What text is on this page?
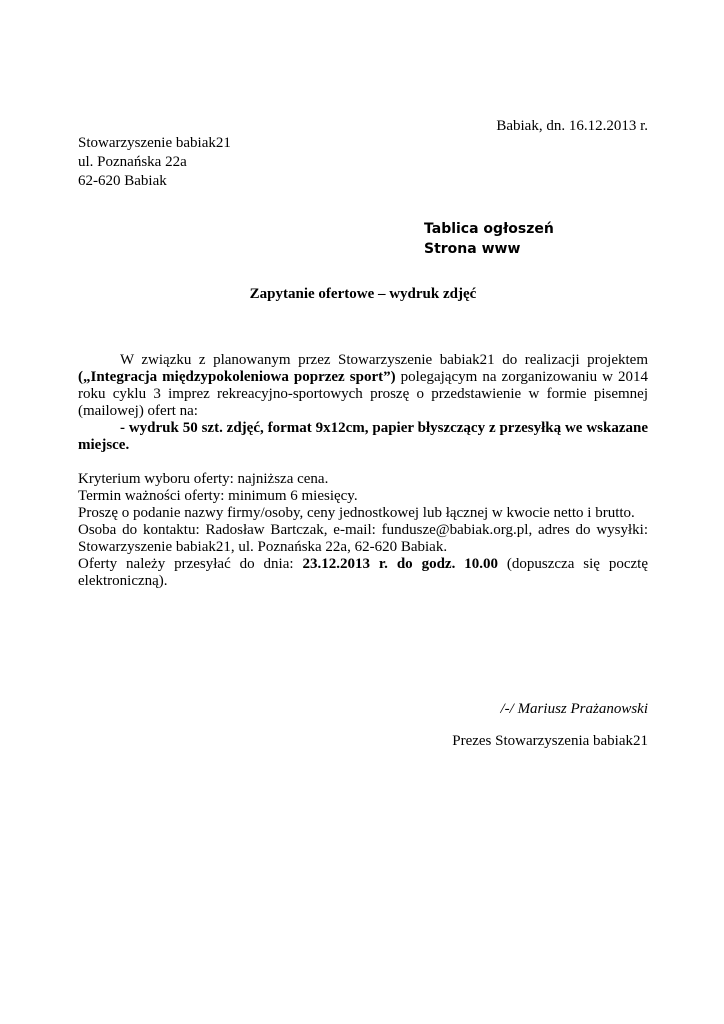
Babiak, dn. 16.12.2013 r.
Stowarzyszenie babiak21
ul. Poznańska 22a
62-620 Babiak
Tablica ogłoszeń
Strona www
Zapytanie ofertowe – wydruk zdjęć

W związku z planowanym przez Stowarzyszenie babiak21 do realizacji projektem („Integracja międzypokoleniowa poprzez sport”) polegającym na zorganizowaniu w 2014 roku cyklu 3 imprez rekreacyjno-sportowych proszę o przedstawienie w formie pisemnej (mailowej) ofert na:

- wydruk 50 szt. zdjęć, format 9x12cm, papier błyszczący z przesyłką we wskazane miejsce.

Kryterium wyboru oferty: najniższa cena.
Termin ważności oferty: minimum 6 miesięcy.
Proszę o podanie nazwy firmy/osoby, ceny jednostkowej lub łącznej w kwocie netto i brutto.
Osoba do kontaktu: Radosław Bartczak, e-mail: fundusze@babiak.org.pl, adres do wysyłki: Stowarzyszenie babiak21, ul. Poznańska 22a, 62-620 Babiak.
Oferty należy przesyłać do dnia: 23.12.2013 r. do godz. 10.00 (dopuszcza się pocztę elektroniczną).
/-/ Mariusz Prażanowski
Prezes Stowarzyszenia babiak21
